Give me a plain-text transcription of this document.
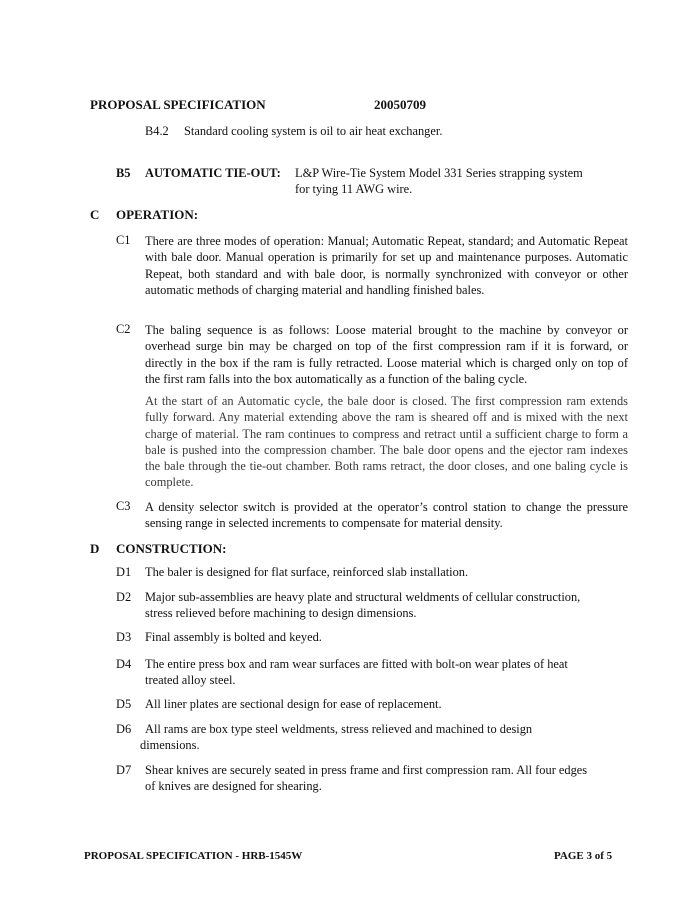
PROPOSAL SPECIFICATION	20050709
B4.2 Standard cooling system is oil to air heat exchanger.
B5 AUTOMATIC TIE-OUT: L&P Wire-Tie System Model 331 Series strapping system
for tying 11 AWG wire.
C OPERATION:
C1 There are three modes of operation: Manual; Automatic Repeat, standard; and Automatic Repeat with bale door. Manual operation is primarily for set up and maintenance purposes. Automatic Repeat, both standard and with bale door, is normally synchronized with conveyor or other automatic methods of charging material and handling finished bales.
C2 The baling sequence is as follows: Loose material brought to the machine by conveyor or overhead surge bin may be charged on top of the first compression ram if it is forward, or directly in the box if the ram is fully retracted. Loose material which is charged only on top of the first ram falls into the box automatically as a function of the baling cycle.
At the start of an Automatic cycle, the bale door is closed. The first compression ram extends fully forward. Any material extending above the ram is sheared off and is mixed with the next charge of material. The ram continues to compress and retract until a sufficient charge to form a bale is pushed into the compression chamber. The bale door opens and the ejector ram indexes the bale through the tie-out chamber. Both rams retract, the door closes, and one baling cycle is complete.
C3 A density selector switch is provided at the operator’s control station to change the pressure sensing range in selected increments to compensate for material density.
D CONSTRUCTION:
D1 The baler is designed for flat surface, reinforced slab installation.
D2 Major sub-assemblies are heavy plate and structural weldments of cellular construction,
stress relieved before machining to design dimensions.
D3 Final assembly is bolted and keyed.
D4 The entire press box and ram wear surfaces are fitted with bolt-on wear plates of heat
treated alloy steel.
D5 All liner plates are sectional design for ease of replacement.
D6 All rams are box type steel weldments, stress relieved and machined to design
dimensions.
D7 Shear knives are securely seated in press frame and first compression ram. All four edges
of knives are designed for shearing.
PROPOSAL SPECIFICATION - HRB-1545W	PAGE 3 of 5
